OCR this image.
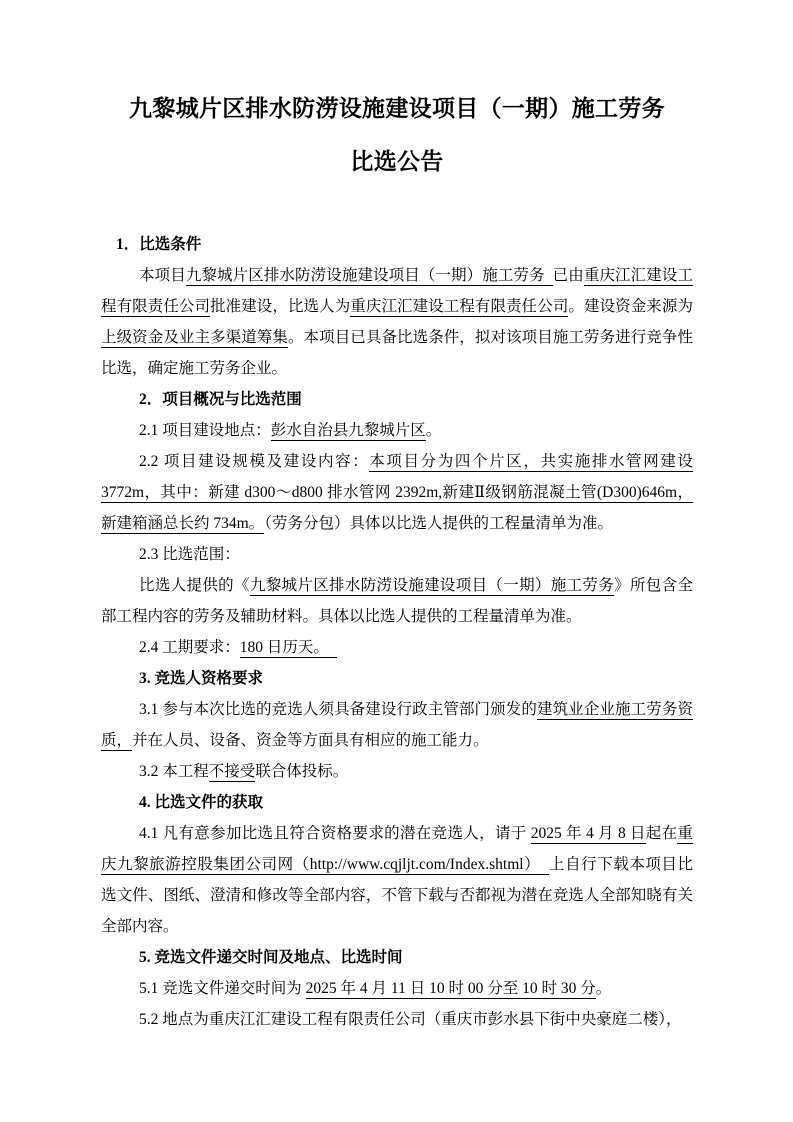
九黎城片区排水防涝设施建设项目（一期）施工劳务
比选公告

1．比选条件

本项目九黎城片区排水防涝设施建设项目（一期）施工劳务  已由重庆江汇建设工程有限责任公司批准建设，比选人为重庆江汇建设工程有限责任公司。建设资金来源为上级资金及业主多渠道筹集。本项目已具备比选条件，拟对该项目施工劳务进行竞争性比选，确定施工劳务企业。

2．项目概况与比选范围

2.1 项目建设地点：彭水自治县九黎城片区。

2.2 项目建设规模及建设内容：本项目分为四个片区，共实施排水管网建设 3772m，其中：新建 d300～d800 排水管网 2392m,新建Ⅱ级钢筋混凝土管(D300)646m，新建箱涵总长约 734m。（劳务分包）具体以比选人提供的工程量清单为准。

2.3 比选范围：

比选人提供的《九黎城片区排水防涝设施建设项目（一期）施工劳务》所包含全部工程内容的劳务及辅助材料。具体以比选人提供的工程量清单为准。

2.4 工期要求：180 日历天。

3. 竞选人资格要求

3.1 参与本次比选的竞选人须具备建设行政主管部门颁发的建筑业企业施工劳务资质，并在人员、设备、资金等方面具有相应的施工能力。

3.2 本工程不接受联合体投标。

4. 比选文件的获取

4.1 凡有意参加比选且符合资格要求的潜在竞选人，请于 2025 年 4 月 8 日起在重庆九黎旅游控股集团公司网（http://www.cqjljt.com/Index.shtml）  上自行下载本项目比选文件、图纸、澄清和修改等全部内容，不管下载与否都视为潜在竞选人全部知晓有关全部内容。

5. 竞选文件递交时间及地点、比选时间

5.1 竞选文件递交时间为 2025 年 4 月 11 日 10 时 00 分至 10 时 30 分。

5.2 地点为重庆江汇建设工程有限责任公司（重庆市彭水县下街中央豪庭二楼），
